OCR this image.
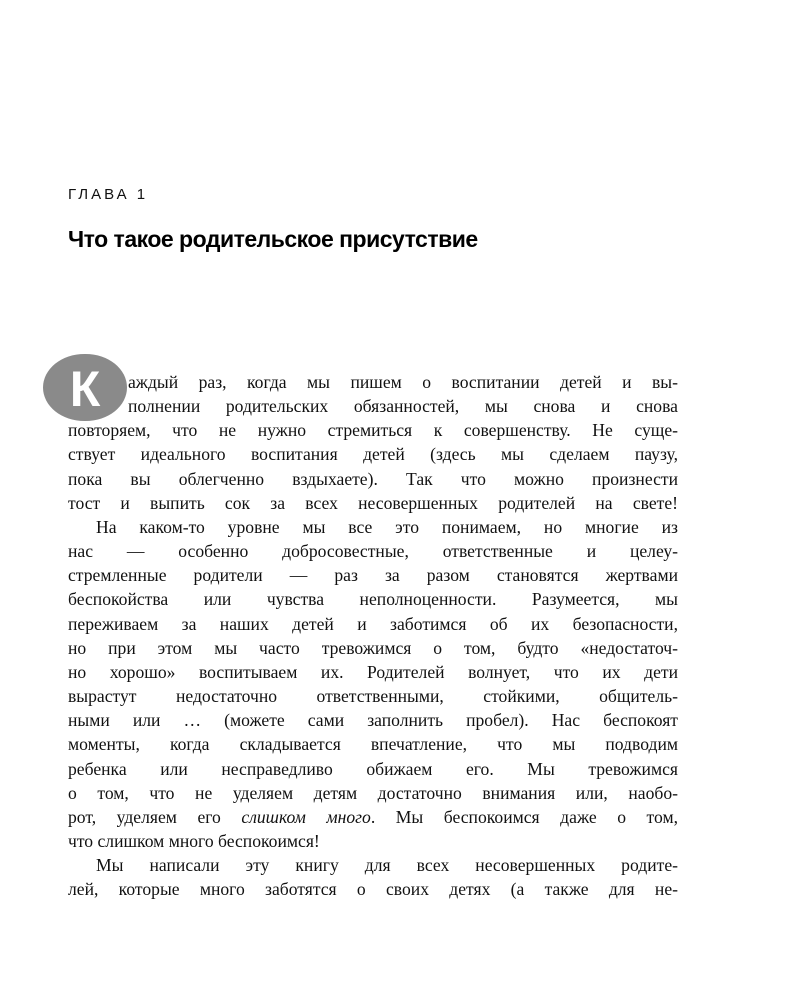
ГЛАВА 1
Что такое родительское присутствие
К аждый раз, когда мы пишем о воспитании детей и вы-
полнении родительских обязанностей, мы снова и снова
повторяем, что не нужно стремиться к совершенству. Не суще-
ствует идеального воспитания детей (здесь мы сделаем паузу,
пока вы облегченно вздыхаете). Так что можно произнести
тост и выпить сок за всех несовершенных родителей на свете!
На каком-то уровне мы все это понимаем, но многие из
нас — особенно добросовестные, ответственные и целеу-
стремленные родители — раз за разом становятся жертвами
беспокойства или чувства неполноценности. Разумеется, мы
переживаем за наших детей и заботимся об их безопасности,
но при этом мы часто тревожимся о том, будто «недостаточ-
но хорошо» воспитываем их. Родителей волнует, что их дети
вырастут недостаточно ответственными, стойкими, общитель-
ными или … (можете сами заполнить пробел). Нас беспокоят
моменты, когда складывается впечатление, что мы подводим
ребенка или несправедливо обижаем его. Мы тревожимся
о том, что не уделяем детям достаточно внимания или, наобо-
рот, уделяем его слишком много. Мы беспокоимся даже о том,
что слишком много беспокоимся!
Мы написали эту книгу для всех несовершенных родите-
лей, которые много заботятся о своих детях (а также для не-
